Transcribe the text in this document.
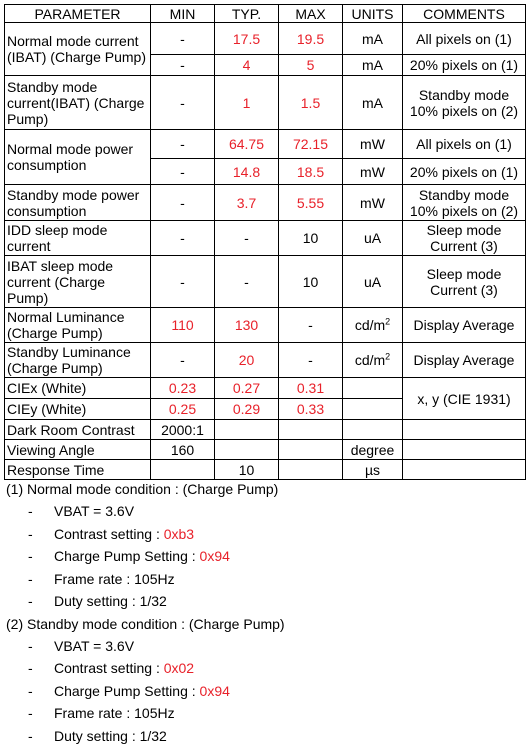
PARAMETER	MIN	TYP.	MAX	UNITS	COMMENTS
Normal mode current (IBAT) (Charge Pump)	-	17.5	19.5	mA	All pixels on (1)
	-	4	5	mA	20% pixels on (1)
Standby mode current(IBAT) (Charge Pump)	-	1	1.5	mA	Standby mode 10% pixels on (2)
Normal mode power consumption	-	64.75	72.15	mW	All pixels on (1)
	-	14.8	18.5	mW	20% pixels on (1)
Standby mode power consumption	-	3.7	5.55	mW	Standby mode 10% pixels on (2)
IDD sleep mode current	-	-	10	uA	Sleep mode Current (3)
IBAT sleep mode current (Charge Pump)	-	-	10	uA	Sleep mode Current (3)
Normal Luminance (Charge Pump)	110	130	-	$cd/m^2$	Display Average
Standby Luminance (Charge Pump)	-	20	-	$cd/m^2$	Display Average
CIEx (White)	0.23	0.27	0.31		x, y (CIE 1931)
CIEy (White)	0.25	0.29	0.33		
Dark Room Contrast	2000:1				
Viewing Angle	160			degree	
Response Time		10		µs	
(1) Normal mode condition : (Charge Pump)
- VBAT = 3.6V
- Contrast setting : 0xb3
- Charge Pump Setting : 0x94
- Frame rate : 105Hz
- Duty setting : 1/32
(2) Standby mode condition : (Charge Pump)
- VBAT = 3.6V
- Contrast setting : 0x02
- Charge Pump Setting : 0x94
- Frame rate : 105Hz
- Duty setting : 1/32
